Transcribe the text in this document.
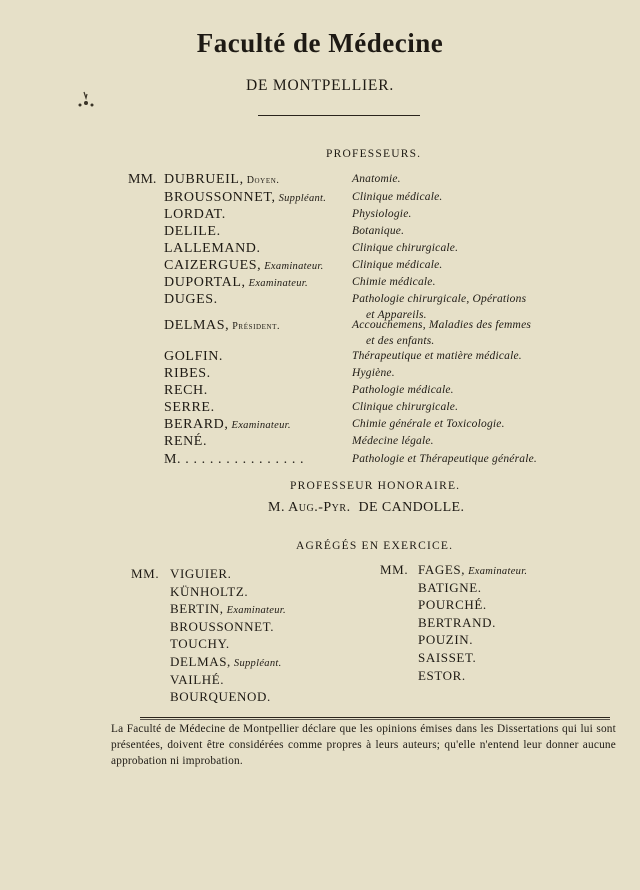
Faculté de Médecine
DE MONTPELLIER.
PROFESSEURS.
MM. DUBRUEIL, Doyen.	Anatomie.
BROUSSONNET, Suppléant. Clinique médicale.
LORDAT.	Physiologie.
DELILE.	Botanique.
LALLEMAND.	Clinique chirurgicale.
CAIZERGUES, Examinateur. Clinique médicale.
DUPORTAL, Examinateur.	Chimie médicale.
DUGES.	Pathologie chirurgicale, Opérations
et Appareils.
DELMAS, Président.	Accouchemens, Maladies des femmes
et des enfants.
GOLFIN.	Thérapeutique et matière médicale.
RIBES.	Hygiène.
RECH.	Pathologie médicale.
SERRE.	Clinique chirurgicale.
BERARD, Examinateur.	Chimie générale et Toxicologie.
RENÉ.	Médecine légale.
M. . . . . . . . . . . . . . . .	Pathologie et Thérapeutique générale.
PROFESSEUR HONORAIRE.
M. Aug.-Pyr. DE CANDOLLE.
AGRÉGÉS EN EXERCICE.
MM. VIGUIER.
KÜNHOLTZ.
BERTIN, Examinateur.
BROUSSONNET.
TOUCHY.
DELMAS, Suppléant.
VAILHÉ.
BOURQUENOD.
MM. FAGES, Examinateur.
BATIGNE.
POURCHÉ.
BERTRAND.
POUZIN.
SAISSET.
ESTOR.
La Faculté de Médecine de Montpellier déclare que les opinions émises dans les Dissertations qui lui sont présentées, doivent être considérées comme propres à leurs auteurs; qu'elle n'entend leur donner aucune approbation ni improbation.
